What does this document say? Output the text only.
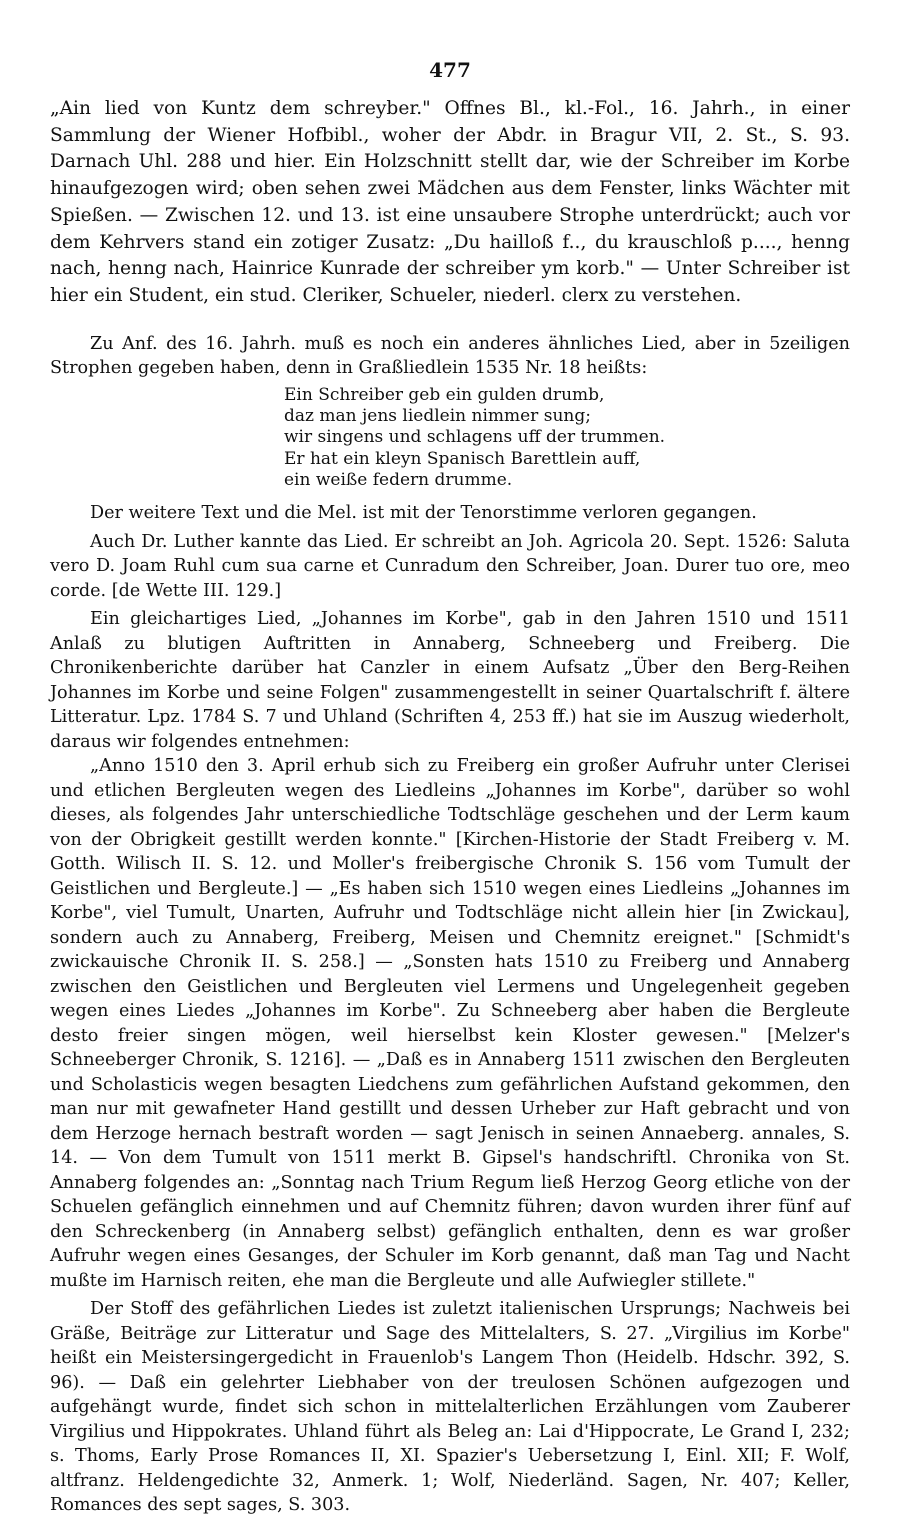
477

„Ain lied von Kuntz dem schreyber." Offnes Bl., kl.-Fol., 16. Jahrh., in einer Sammlung der Wiener Hofbibl., woher der Abdr. in Bragur VII, 2. St., S. 93. Darnach Uhl. 288 und hier. Ein Holzschnitt stellt dar, wie der Schreiber im Korbe hinaufgezogen wird; oben sehen zwei Mädchen aus dem Fenster, links Wächter mit Spießen. — Zwischen 12. und 13. ist eine unsaubere Strophe unterdrückt; auch vor dem Kehrvers stand ein zotiger Zusatz: „Du hailloß f.., du krauschloß p...., henng nach, henng nach, Hainrice Kunrade der schreiber ym korb." — Unter Schreiber ist hier ein Student, ein stud. Cleriker, Schueler, niederl. clerx zu verstehen.

Zu Anf. des 16. Jahrh. muß es noch ein anderes ähnliches Lied, aber in 5zeiligen Strophen gegeben haben, denn in Graßliedlein 1535 Nr. 18 heißts:

Ein Schreiber geb ein gulden drumb,
daz man jens liedlein nimmer sung;
wir singens und schlagens uff der trummen.
Er hat ein kleyn Spanisch Barettlein auff,
ein weiße federn drumme.

Der weitere Text und die Mel. ist mit der Tenorstimme verloren gegangen.

Auch Dr. Luther kannte das Lied. Er schreibt an Joh. Agricola 20. Sept. 1526: Saluta vero D. Joam Ruhl cum sua carne et Cunradum den Schreiber, Joan. Durer tuo ore, meo corde. [de Wette III. 129.]

Ein gleichartiges Lied, „Johannes im Korbe", gab in den Jahren 1510 und 1511 Anlaß zu blutigen Auftritten in Annaberg, Schneeberg und Freiberg. Die Chronikenberichte darüber hat Canzler in einem Aufsatz „Über den Berg-Reihen Johannes im Korbe und seine Folgen" zusammengestellt in seiner Quartalschrift f. ältere Litteratur. Lpz. 1784 S. 7 und Uhland (Schriften 4, 253 ff.) hat sie im Auszug wiederholt, daraus wir folgendes entnehmen:

„Anno 1510 den 3. April erhub sich zu Freiberg ein großer Aufruhr unter Clerisei und etlichen Bergleuten wegen des Liedleins „Johannes im Korbe", darüber so wohl dieses, als folgendes Jahr unterschiedliche Todtschläge geschehen und der Lerm kaum von der Obrigkeit gestillt werden konnte." [Kirchen-Historie der Stadt Freiberg v. M. Gotth. Wilisch II. S. 12. und Moller's freibergische Chronik S. 156 vom Tumult der Geistlichen und Bergleute.] — „Es haben sich 1510 wegen eines Liedleins „Johannes im Korbe", viel Tumult, Unarten, Aufruhr und Todtschläge nicht allein hier [in Zwickau], sondern auch zu Annaberg, Freiberg, Meisen und Chemnitz ereignet." [Schmidt's zwickauische Chronik II. S. 258.] — „Sonsten hats 1510 zu Freiberg und Annaberg zwischen den Geistlichen und Bergleuten viel Lermens und Ungelegenheit gegeben wegen eines Liedes „Johannes im Korbe". Zu Schneeberg aber haben die Bergleute desto freier singen mögen, weil hierselbst kein Kloster gewesen." [Melzer's Schneeberger Chronik, S. 1216]. — „Daß es in Annaberg 1511 zwischen den Bergleuten und Scholasticis wegen besagten Liedchens zum gefährlichen Aufstand gekommen, den man nur mit gewafneter Hand gestillt und dessen Urheber zur Haft gebracht und von dem Herzoge hernach bestraft worden — sagt Jenisch in seinen Annaeberg. annales, S. 14. — Von dem Tumult von 1511 merkt B. Gipsel's handschriftl. Chronika von St. Annaberg folgendes an: „Sonntag nach Trium Regum ließ Herzog Georg etliche von der Schuelen gefänglich einnehmen und auf Chemnitz führen; davon wurden ihrer fünf auf den Schreckenberg (in Annaberg selbst) gefänglich enthalten, denn es war großer Aufruhr wegen eines Gesanges, der Schuler im Korb genannt, daß man Tag und Nacht mußte im Harnisch reiten, ehe man die Bergleute und alle Aufwiegler stillete."

Der Stoff des gefährlichen Liedes ist zuletzt italienischen Ursprungs; Nachweis bei Gräße, Beiträge zur Litteratur und Sage des Mittelalters, S. 27. „Virgilius im Korbe" heißt ein Meistersingergedicht in Frauenlob's Langem Thon (Heidelb. Hdschr. 392, S. 96). — Daß ein gelehrter Liebhaber von der treulosen Schönen aufgezogen und aufgehängt wurde, findet sich schon in mittelalterlichen Erzählungen vom Zauberer Virgilius und Hippokrates. Uhland führt als Beleg an: Lai d'Hippocrate, Le Grand I, 232; s. Thoms, Early Prose Romances II, XI. Spazier's Uebersetzung I, Einl. XII; F. Wolf, altfranz. Heldengedichte 32, Anmerk. 1; Wolf, Niederländ. Sagen, Nr. 407; Keller, Romances des sept sages, S. 303.
